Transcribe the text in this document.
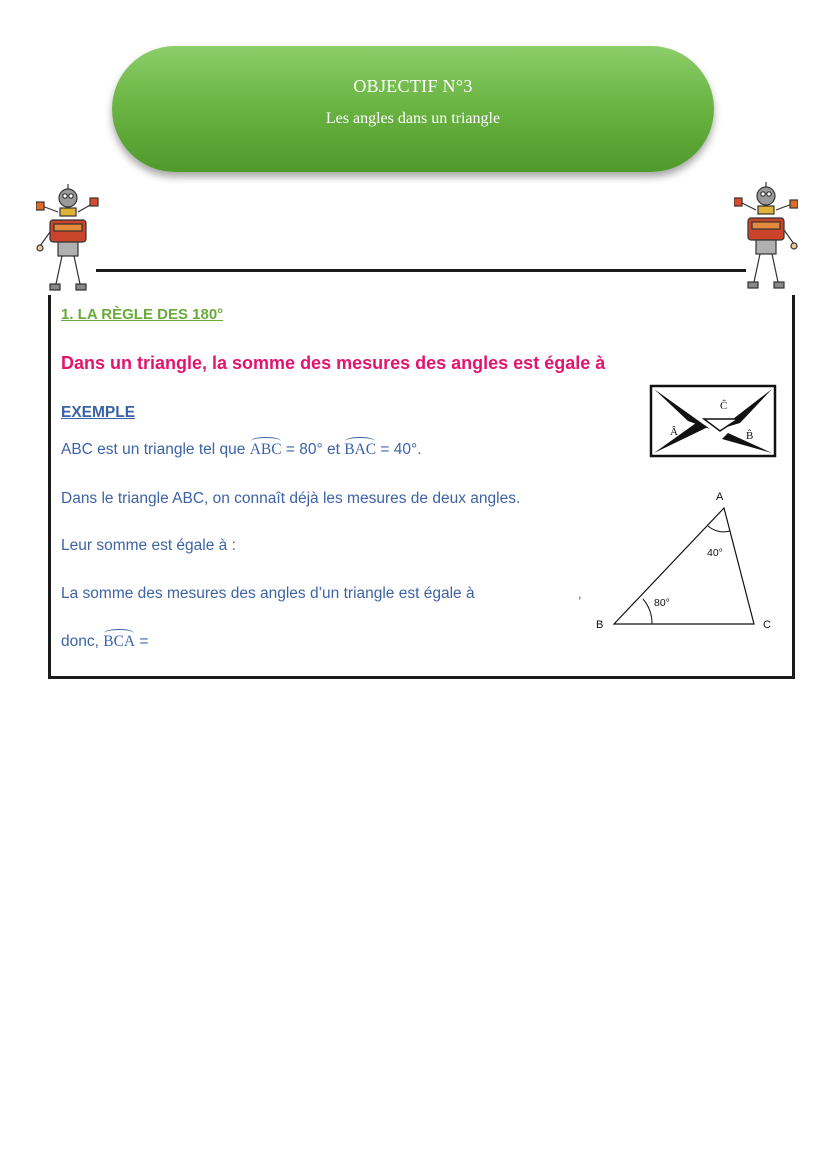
OBJECTIF N°3
Les angles dans un triangle
1. LA RÈGLE DES 180°
Dans un triangle, la somme des mesures des angles est égale à
EXEMPLE
ABC est un triangle tel que ABC = 80° et BAC = 40°.
Dans le triangle ABC, on connaît déjà les mesures de deux angles.
Leur somme est égale à :
La somme des mesures des angles d’un triangle est égale à	,
donc, BCA =
Â	B̂
Ĉ
A
B	C
40°
80°
